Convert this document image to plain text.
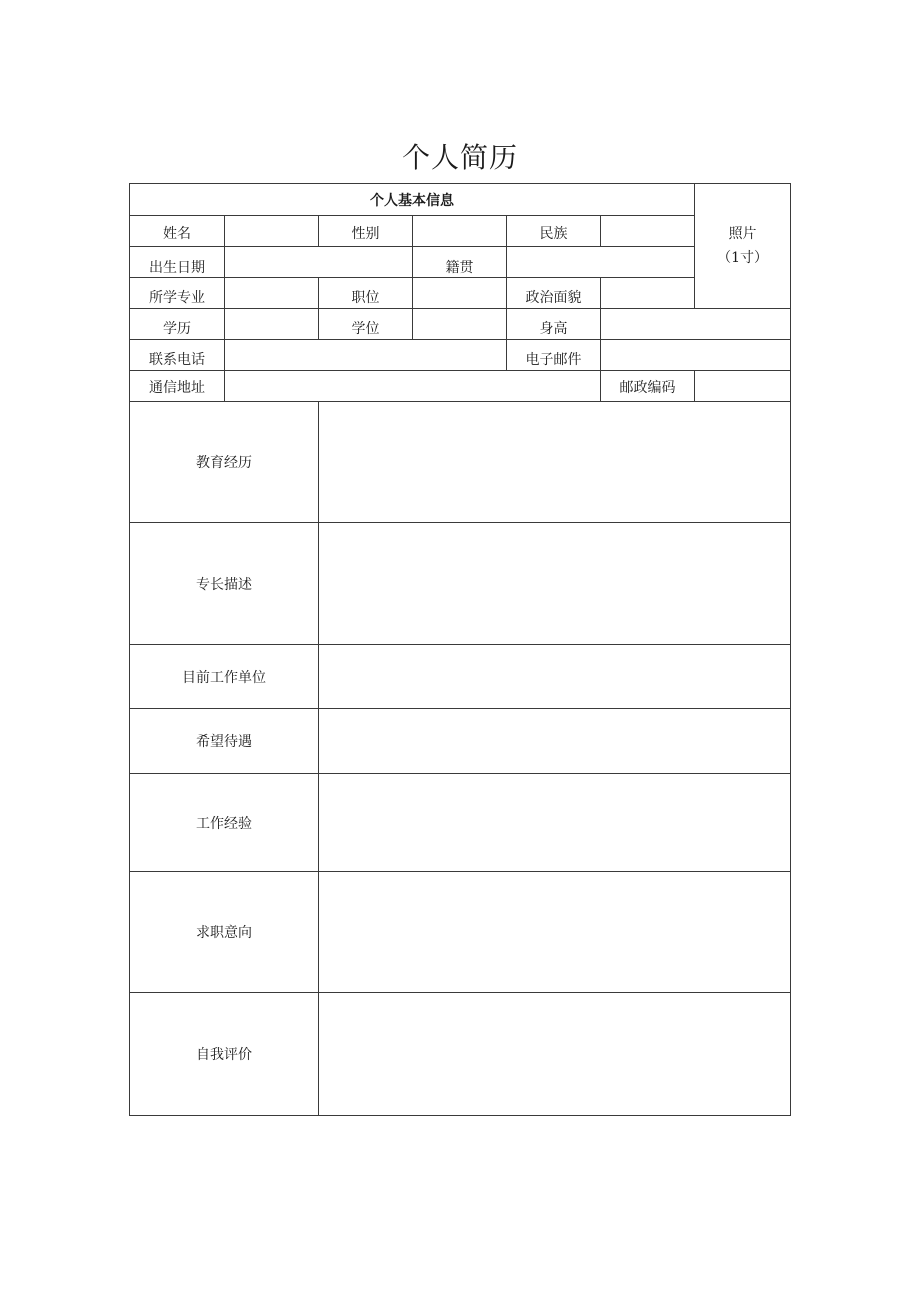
个人简历
个人基本信息						照片
（1寸）

姓名		性别		民族		
出生日期			籍贯			
所学专业		职位		政治面貌		
学历		学位		身高		
联系电话				电子邮件		
通信地址					邮政编码	
教育经历						
专长描述						
目前工作单位						
希望待遇						
工作经验						
求职意向						
自我评价						
